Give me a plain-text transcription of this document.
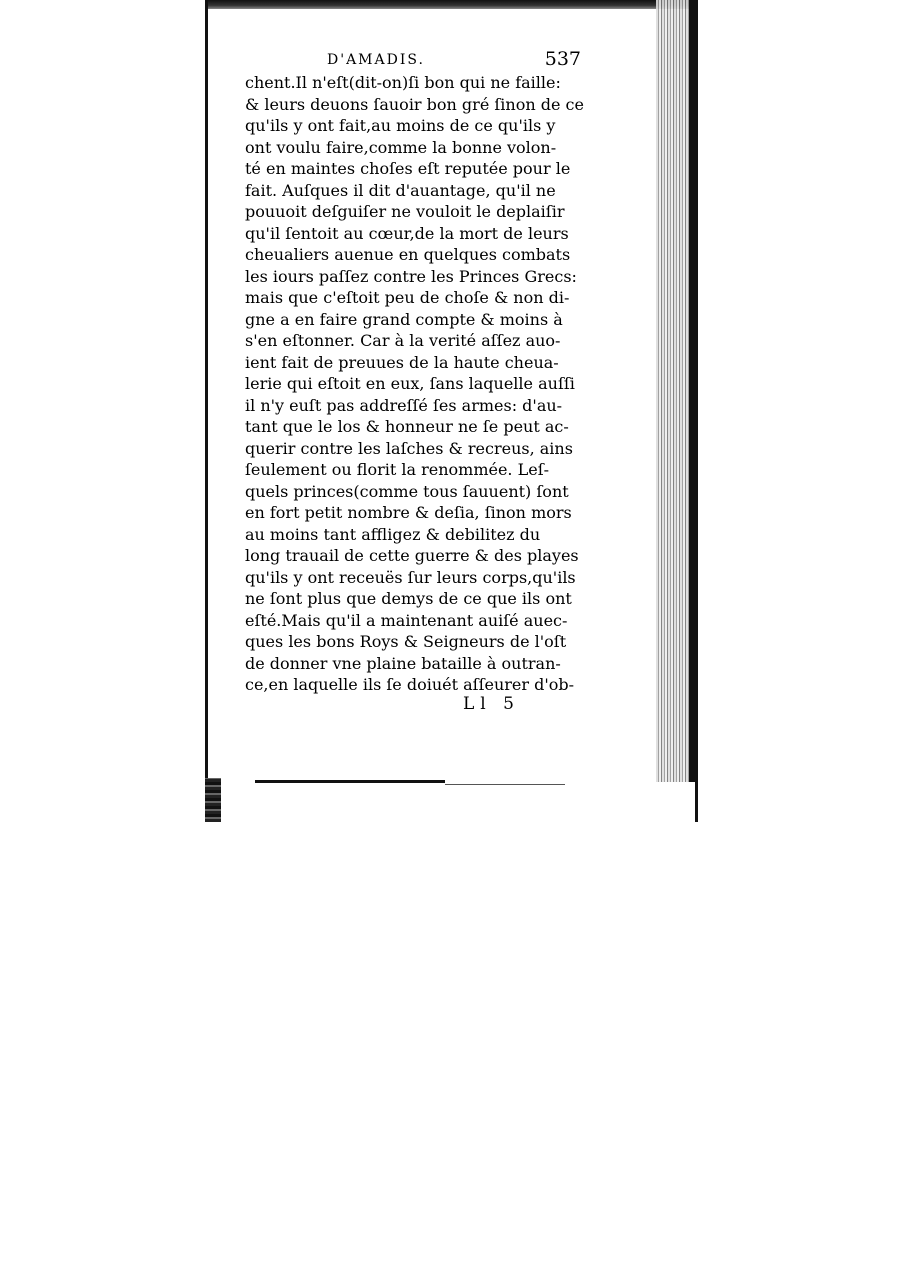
D'AMADIS.	537
chent.Il n'eſt(dit-on)ſi bon qui ne faille:
& leurs deuons ſauoir bon gré ſinon de ce
qu'ils y ont fait,au moins de ce qu'ils y
ont voulu faire,comme la bonne volon-
té en maintes choſes eſt reputée pour le
fait. Auſques il dit d'auantage, qu'il ne
pouuoit deſguiſer ne vouloit le deplaiſir
qu'il ſentoit au cœur,de la mort de leurs
cheualiers auenue en quelques combats
les iours paſſez contre les Princes Grecs:
mais que c'eſtoit peu de choſe & non di-
gne a en faire grand compte & moins à
s'en eſtonner. Car à la verité aſſez auo-
ient fait de preuues de la haute cheua-
lerie qui eſtoit en eux, ſans laquelle auſſi
il n'y euſt pas addreſſé ſes armes: d'au-
tant que le los & honneur ne ſe peut ac-
querir contre les laſches & recreus, ains
ſeulement ou florit la renommée. Leſ-
quels princes(comme tous ſauuent) ſont
en fort petit nombre & deſia, ſinon mors
au moins tant affligez & debilitez du
long trauail de cette guerre & des playes
qu'ils y ont receuës ſur leurs corps,qu'ils
ne ſont plus que demys de ce que ils ont
eſté.Mais qu'il a maintenant auiſé auec-
ques les bons Roys & Seigneurs de l'oſt
de donner vne plaine bataille à outran-
ce,en laquelle ils ſe doiuét aſſeurer d'ob-
Ll 5
